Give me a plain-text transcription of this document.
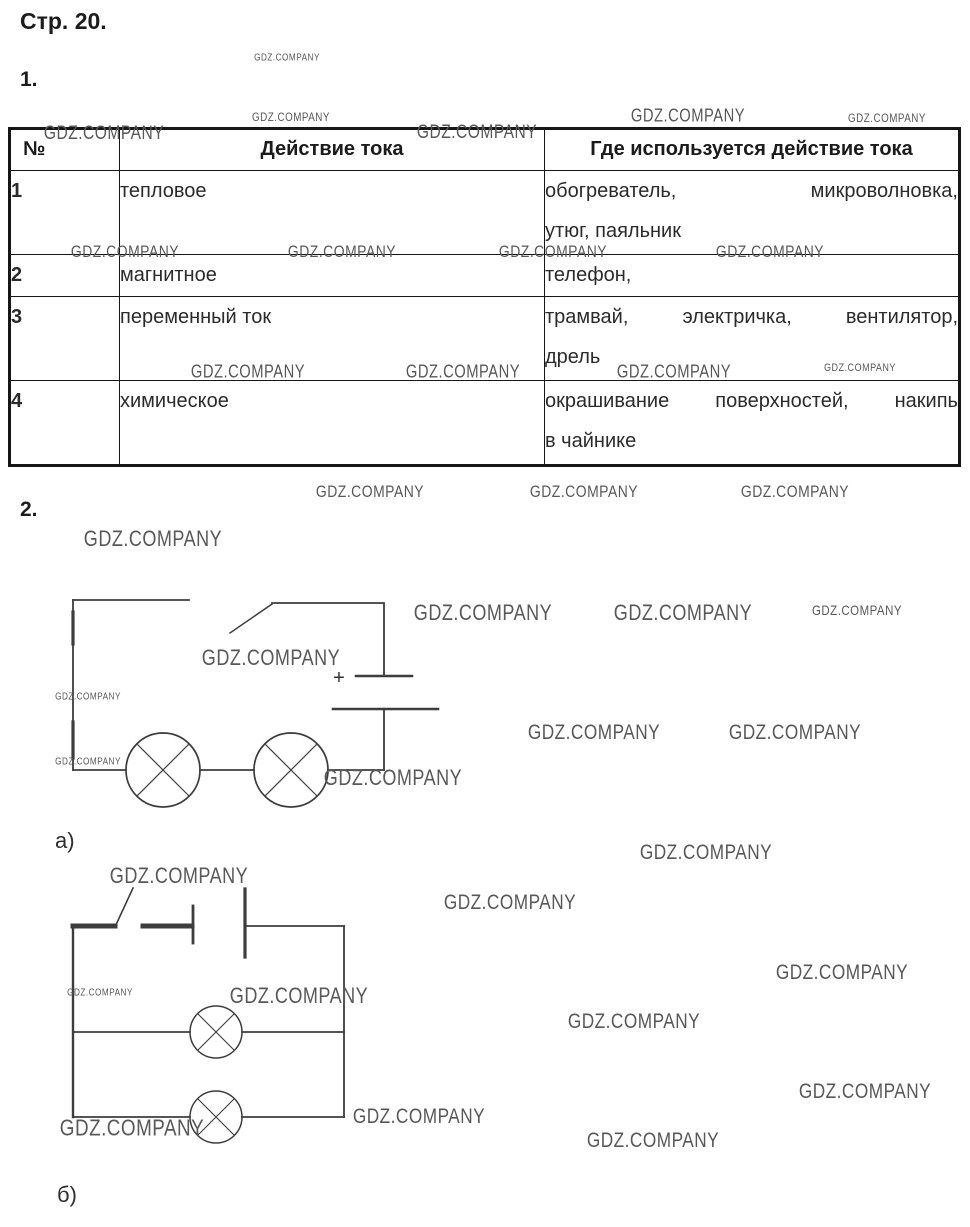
Стр. 20.
1.
№	Действие тока	Где используется действие тока
1	тепловое	обогреватель, микроволновка,
утюг, паяльник

2	магнитное	телефон,

3	переменный ток	трамвай, электричка, вентилятор,
дрель

4	химическое	окрашивание поверхностей, накипь
в чайнике
2.
+
а)
б)
GDZ.COMPANY
GDZ.COMPANY
GDZ.COMPANY
GDZ.COMPANY
GDZ.COMPANY	GDZ.COMPANY
GDZ.COMPANY	GDZ.COMPANY	GDZ.COMPANY	GDZ.COMPANY
GDZ.COMPANY	GDZ.COMPANY	GDZ.COMPANY	GDZ.COMPANY
GDZ.COMPANY	GDZ.COMPANY	GDZ.COMPANY
GDZ.COMPANY
GDZ.COMPANY	GDZ.COMPANY	GDZ.COMPANY
GDZ.COMPANY
GDZ.COMPANY
GDZ.COMPANY	GDZ.COMPANY
GDZ.COMPANY
GDZ.COMPANY
GDZ.COMPANY
GDZ.COMPANY
GDZ.COMPANY
GDZ.COMPANY
GDZ.COMPANY	GDZ.COMPANY
GDZ.COMPANY
GDZ.COMPANY
GDZ.COMPANY
GDZ.COMPANY	GDZ.COMPANY
